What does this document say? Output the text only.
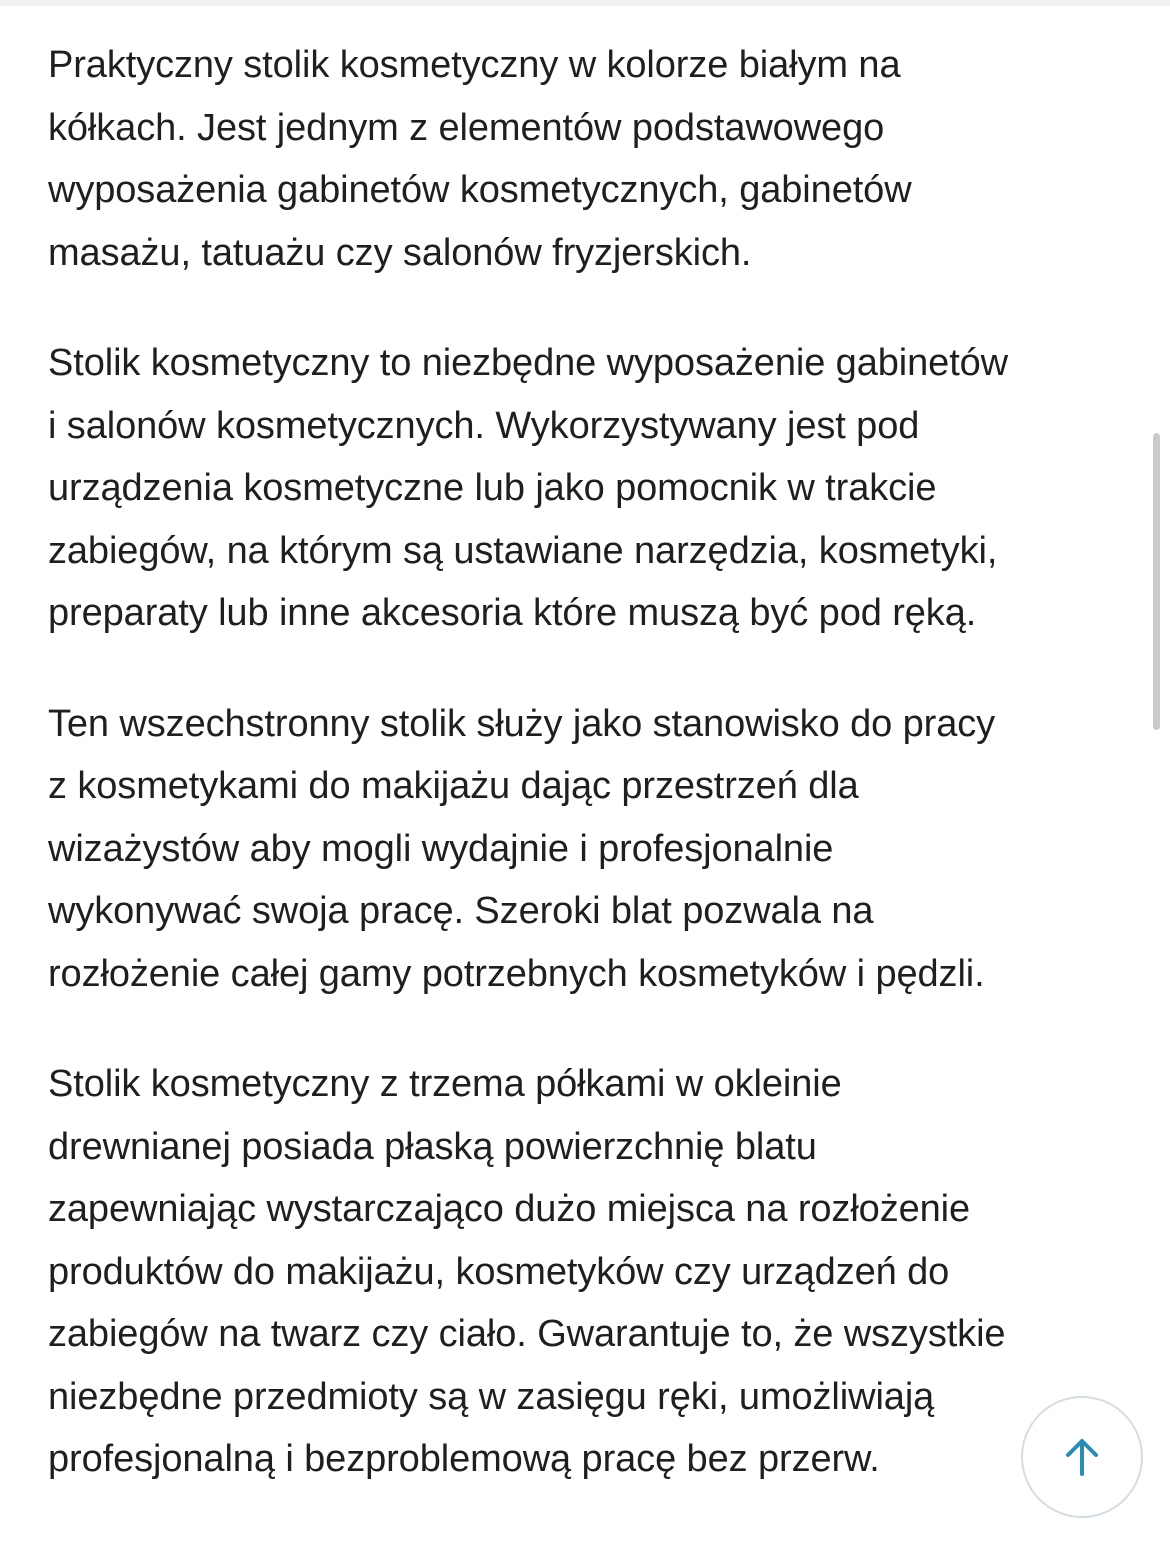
Praktyczny stolik kosmetyczny w kolorze białym na
kółkach. Jest jednym z elementów podstawowego
wyposażenia gabinetów kosmetycznych, gabinetów
masażu, tatuażu czy salonów fryzjerskich.

Stolik kosmetyczny to niezbędne wyposażenie gabinetów
i salonów kosmetycznych. Wykorzystywany jest pod
urządzenia kosmetyczne lub jako pomocnik w trakcie
zabiegów, na którym są ustawiane narzędzia, kosmetyki,
preparaty lub inne akcesoria które muszą być pod ręką.

Ten wszechstronny stolik służy jako stanowisko do pracy
z kosmetykami do makijażu dając przestrzeń dla
wizażystów aby mogli wydajnie i profesjonalnie
wykonywać swoja pracę. Szeroki blat pozwala na
rozłożenie całej gamy potrzebnych kosmetyków i pędzli.

Stolik kosmetyczny z trzema półkami w okleinie
drewnianej posiada płaską powierzchnię blatu
zapewniając wystarczająco dużo miejsca na rozłożenie
produktów do makijażu, kosmetyków czy urządzeń do
zabiegów na twarz czy ciało. Gwarantuje to, że wszystkie
niezbędne przedmioty są w zasięgu ręki, umożliwiają
profesjonalną i bezproblemową pracę bez przerw.
